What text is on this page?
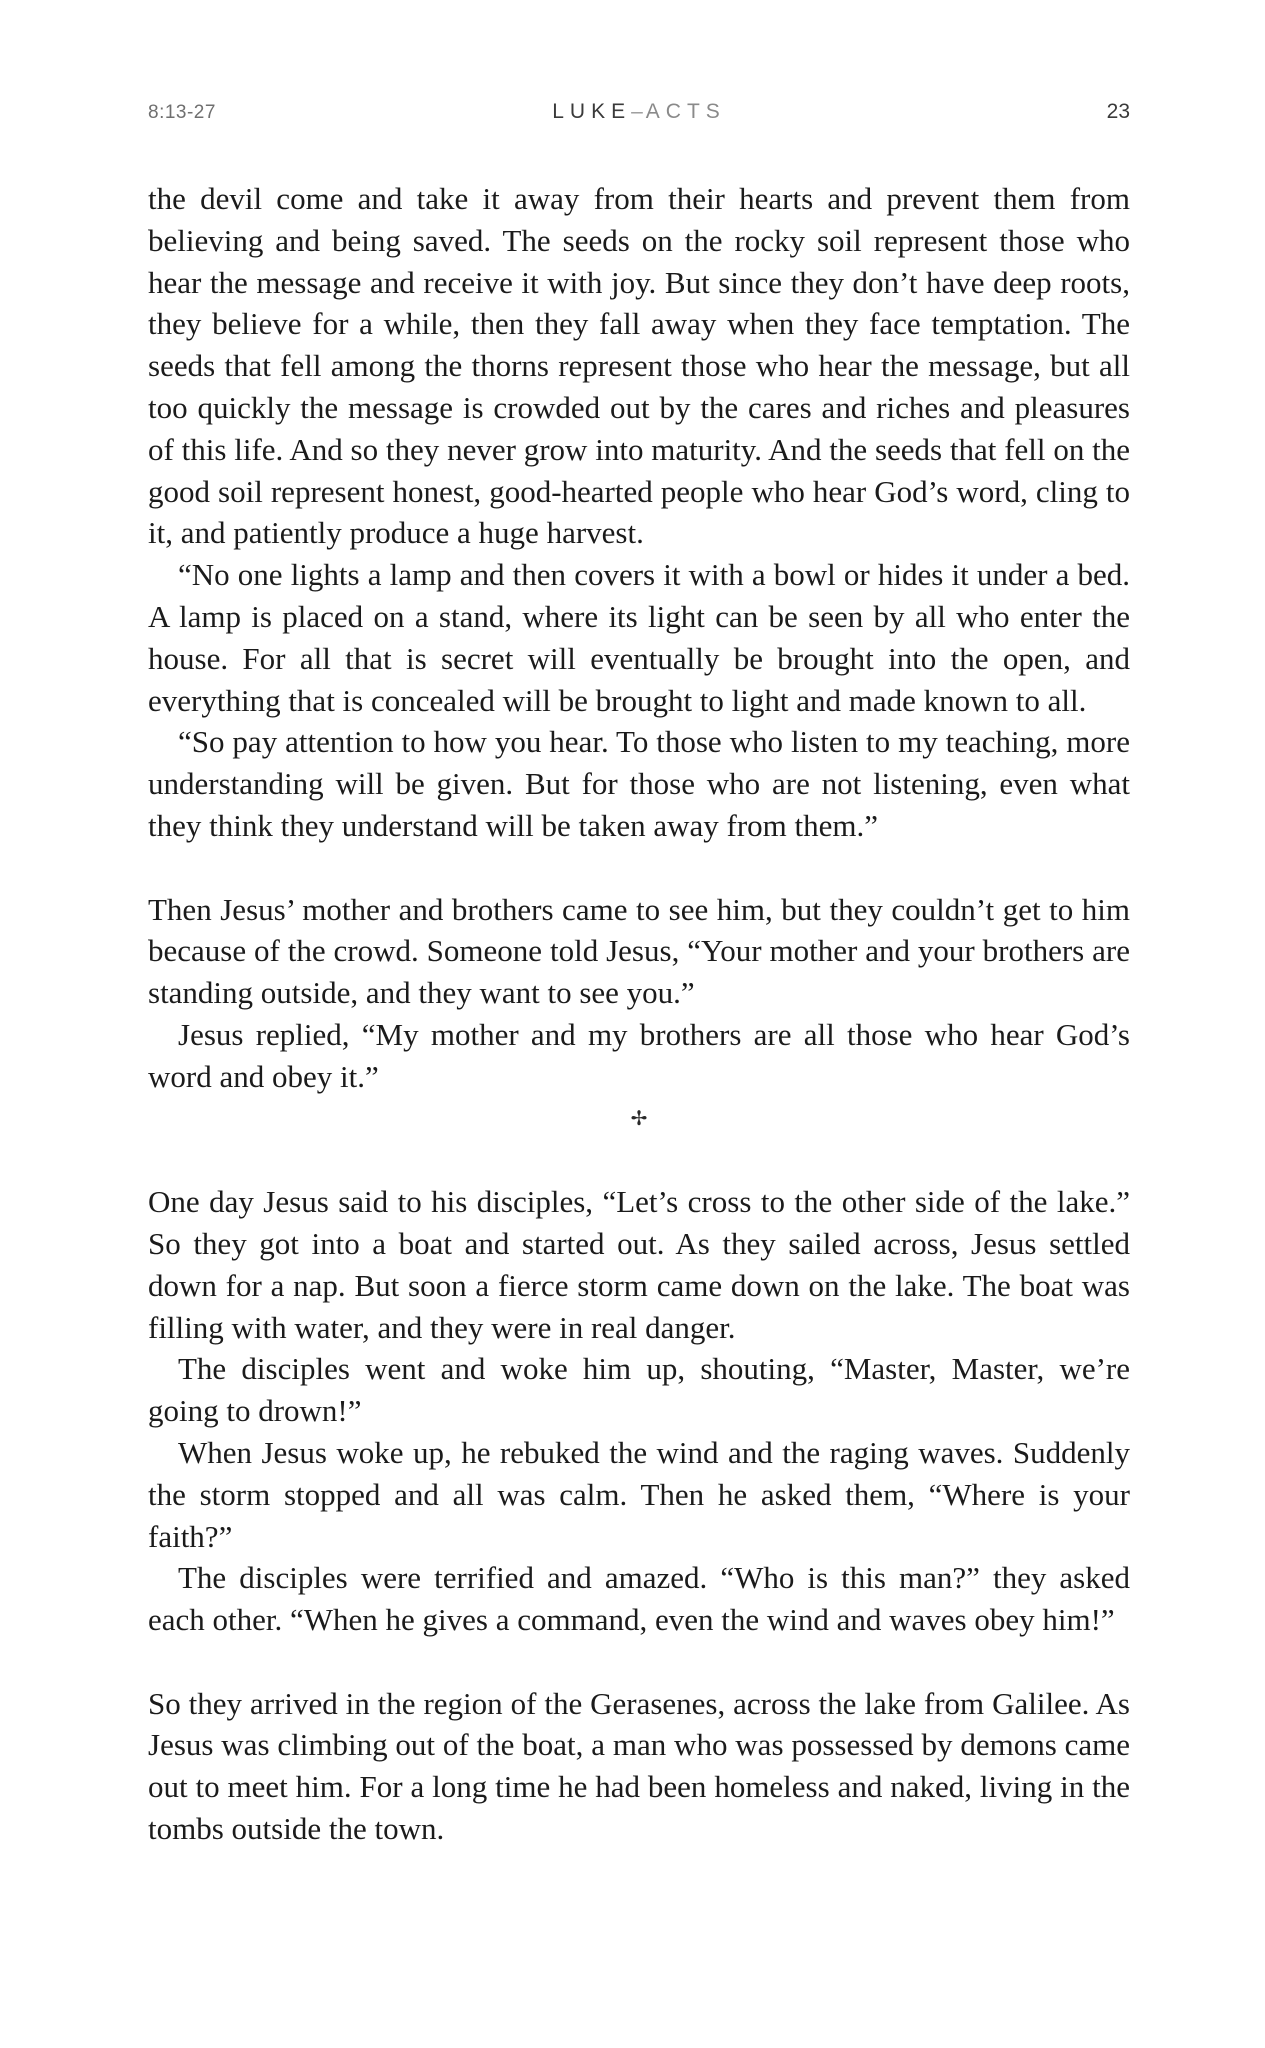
8:13-27	LUKE–ACTS	23

the devil come and take it away from their hearts and prevent them from believing and being saved. The seeds on the rocky soil represent those who hear the message and receive it with joy. But since they don’t have deep roots, they believe for a while, then they fall away when they face temptation. The seeds that fell among the thorns represent those who hear the message, but all too quickly the message is crowded out by the cares and riches and pleasures of this life. And so they never grow into maturity. And the seeds that fell on the good soil represent honest, good-hearted people who hear God’s word, cling to it, and patiently produce a huge harvest.

“No one lights a lamp and then covers it with a bowl or hides it under a bed. A lamp is placed on a stand, where its light can be seen by all who enter the house. For all that is secret will eventually be brought into the open, and everything that is concealed will be brought to light and made known to all.

“So pay attention to how you hear. To those who listen to my teaching, more understanding will be given. But for those who are not listening, even what they think they understand will be taken away from them.”

Then Jesus’ mother and brothers came to see him, but they couldn’t get to him because of the crowd. Someone told Jesus, “Your mother and your brothers are standing outside, and they want to see you.”

Jesus replied, “My mother and my brothers are all those who hear God’s word and obey it.”

✢

One day Jesus said to his disciples, “Let’s cross to the other side of the lake.” So they got into a boat and started out. As they sailed across, Jesus settled down for a nap. But soon a fierce storm came down on the lake. The boat was filling with water, and they were in real danger.

The disciples went and woke him up, shouting, “Master, Master, we’re going to drown!”

When Jesus woke up, he rebuked the wind and the raging waves. Suddenly the storm stopped and all was calm. Then he asked them, “Where is your faith?”

The disciples were terrified and amazed. “Who is this man?” they asked each other. “When he gives a command, even the wind and waves obey him!”

So they arrived in the region of the Gerasenes, across the lake from Galilee. As Jesus was climbing out of the boat, a man who was possessed by demons came out to meet him. For a long time he had been homeless and naked, living in the tombs outside the town.
